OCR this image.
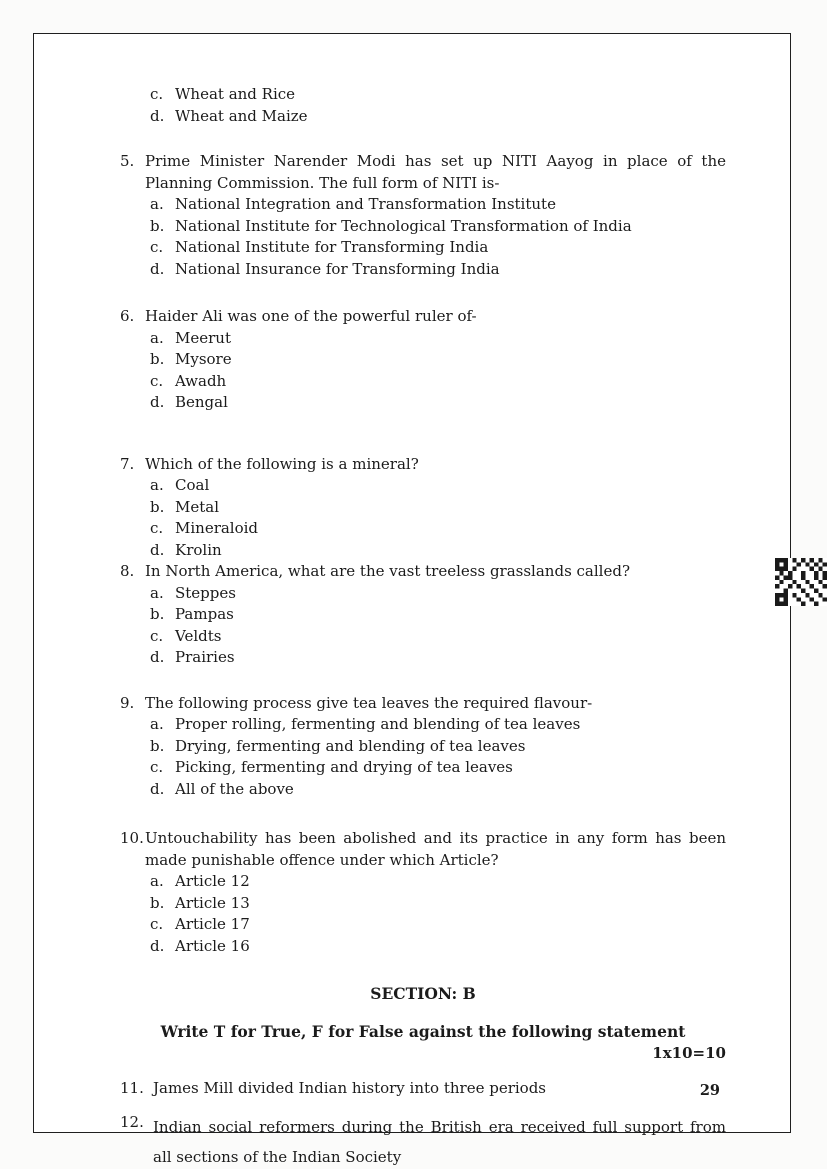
c. Wheat and Rice
d. Wheat and Maize
5. Prime Minister Narender Modi has set up NITI Aayog in place of the Planning Commission. The full form of NITI is-
a. National Integration and Transformation Institute
b. National Institute for Technological Transformation of India
c. National Institute for Transforming India
d. National Insurance for Transforming India
6. Haider Ali was one of the powerful ruler of-
a. Meerut
b. Mysore
c. Awadh
d. Bengal
7. Which of the following is a mineral?
a. Coal
b. Metal
c. Mineraloid
d. Krolin
8. In North America, what are the vast treeless grasslands called?
a. Steppes
b. Pampas
c. Veldts
d. Prairies
9. The following process give tea leaves the required flavour-
a. Proper rolling, fermenting and blending of tea leaves
b. Drying, fermenting and blending of tea leaves
c. Picking, fermenting and drying of tea leaves
d. All of the above
10. Untouchability has been abolished and its practice in any form has been made punishable offence under which Article?
a. Article 12
b. Article 13
c. Article 17
d. Article 16
SECTION: B
Write T for True, F for False against the following statement
1x10=10
11. James Mill divided Indian history into three periods
12. Indian social reformers during the British era received full support from all sections of the Indian Society
29
